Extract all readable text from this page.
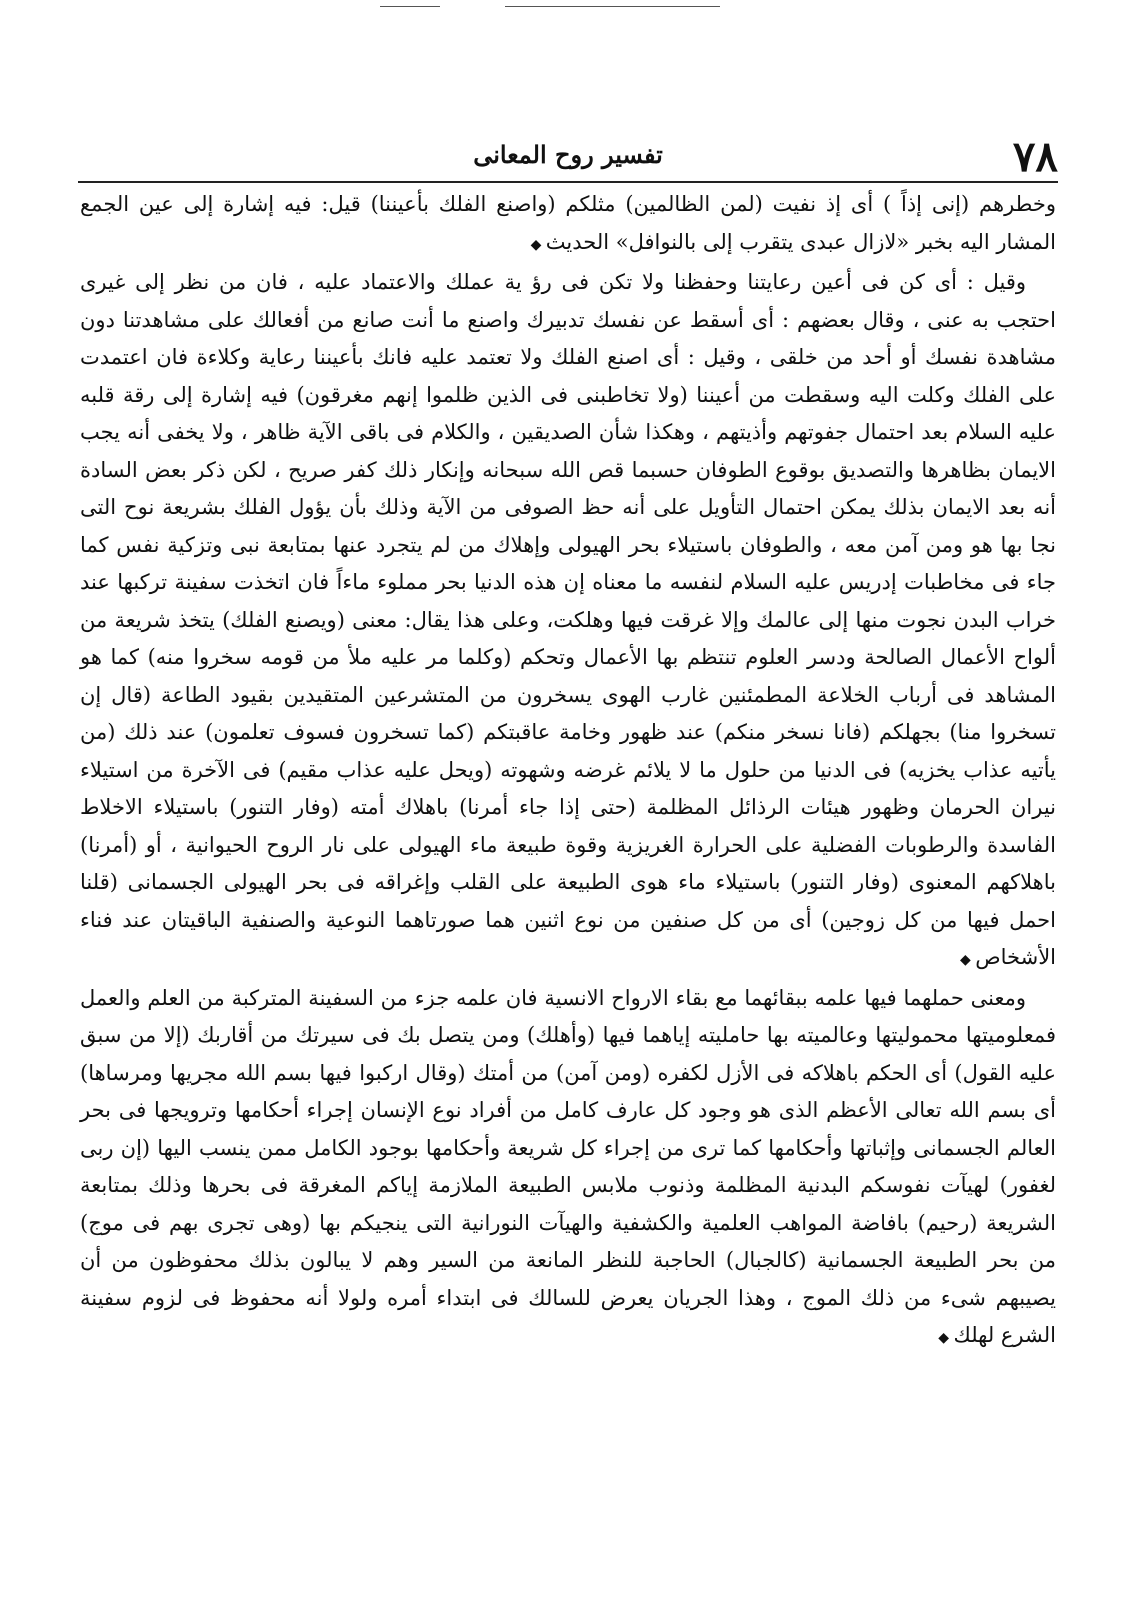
٧٨
تفسير روح المعانى

وخطرهم (إنى إذاً ) أى إذ نفيت (لمن الظالمين) مثلكم (واصنع الفلك بأعيننا) قيل: فيه إشارة إلى عين الجمع المشار اليه بخبر «لازال عبدى يتقرب إلى بالنوافل» الحديث ◆

وقيل : أى كن فى أعين رعايتنا وحفظنا ولا تكن فى رؤ ية عملك والاعتماد عليه ، فان من نظر إلى غيرى احتجب به عنى ، وقال بعضهم : أى أسقط عن نفسك تدبيرك واصنع ما أنت صانع من أفعالك على مشاهدتنا دون مشاهدة نفسك أو أحد من خلقى ، وقيل : أى اصنع الفلك ولا تعتمد عليه فانك بأعيننا رعاية وكلاءة فان اعتمدت على الفلك وكلت اليه وسقطت من أعيننا (ولا تخاطبنى فى الذين ظلموا إنهم مغرقون) فيه إشارة إلى رقة قلبه عليه السلام بعد احتمال جفوتهم وأذيتهم ، وهكذا شأن الصديقين ، والكلام فى باقى الآية ظاهر ، ولا يخفى أنه يجب الايمان بظاهرها والتصديق بوقوع الطوفان حسبما قص الله سبحانه وإنكار ذلك كفر صريح ، لكن ذكر بعض السادة أنه بعد الايمان بذلك يمكن احتمال التأويل على أنه حظ الصوفى من الآية وذلك بأن يؤول الفلك بشريعة نوح التى نجا بها هو ومن آمن معه ، والطوفان باستيلاء بحر الهيولى وإهلاك من لم يتجرد عنها بمتابعة نبى وتزكية نفس كما جاء فى مخاطبات إدريس عليه السلام لنفسه ما معناه إن هذه الدنيا بحر مملوء ماءاً فان اتخذت سفينة تركبها عند خراب البدن نجوت منها إلى عالمك وإلا غرقت فيها وهلكت، وعلى هذا يقال: معنى (ويصنع الفلك) يتخذ شريعة من ألواح الأعمال الصالحة ودسر العلوم تنتظم بها الأعمال وتحكم (وكلما مر عليه ملأ من قومه سخروا منه) كما هو المشاهد فى أرباب الخلاعة المطمئنين غارب الهوى يسخرون من المتشرعين المتقيدين بقيود الطاعة (قال إن تسخروا منا) بجهلكم (فانا نسخر منكم) عند ظهور وخامة عاقبتكم (كما تسخرون فسوف تعلمون) عند ذلك (من يأتيه عذاب يخزيه) فى الدنيا من حلول ما لا يلائم غرضه وشهوته (ويحل عليه عذاب مقيم) فى الآخرة من استيلاء نيران الحرمان وظهور هيئات الرذائل المظلمة (حتى إذا جاء أمرنا) باهلاك أمته (وفار التنور) باستيلاء الاخلاط الفاسدة والرطوبات الفضلية على الحرارة الغريزية وقوة طبيعة ماء الهيولى على نار الروح الحيوانية ، أو (أمرنا) باهلاكهم المعنوى (وفار التنور) باستيلاء ماء هوى الطبيعة على القلب وإغراقه فى بحر الهيولى الجسمانى (قلنا احمل فيها من كل زوجين) أى من كل صنفين من نوع اثنين هما صورتاهما النوعية والصنفية الباقيتان عند فناء الأشخاص ◆

ومعنى حملهما فيها علمه ببقائهما مع بقاء الارواح الانسية فان علمه جزء من السفينة المتركبة من العلم والعمل فمعلوميتها محموليتها وعالميته بها حامليته إياهما فيها (وأهلك) ومن يتصل بك فى سيرتك من أقاربك (إلا من سبق عليه القول) أى الحكم باهلاكه فى الأزل لكفره (ومن آمن) من أمتك (وقال اركبوا فيها بسم الله مجريها ومرساها) أى بسم الله تعالى الأعظم الذى هو وجود كل عارف كامل من أفراد نوع الإنسان إجراء أحكامها وترويجها فى بحر العالم الجسمانى وإثباتها وأحكامها كما ترى من إجراء كل شريعة وأحكامها بوجود الكامل ممن ينسب اليها (إن ربى لغفور) لهيآت نفوسكم البدنية المظلمة وذنوب ملابس الطبيعة الملازمة إياكم المغرقة فى بحرها وذلك بمتابعة الشريعة (رحيم) بافاضة المواهب العلمية والكشفية والهيآت النورانية التى ينجيكم بها (وهى تجرى بهم فى موج) من بحر الطبيعة الجسمانية (كالجبال) الحاجبة للنظر المانعة من السير وهم لا يبالون بذلك محفوظون من أن يصيبهم شىء من ذلك الموج ، وهذا الجريان يعرض للسالك فى ابتداء أمره ولولا أنه محفوظ فى لزوم سفينة الشرع لهلك ◆
